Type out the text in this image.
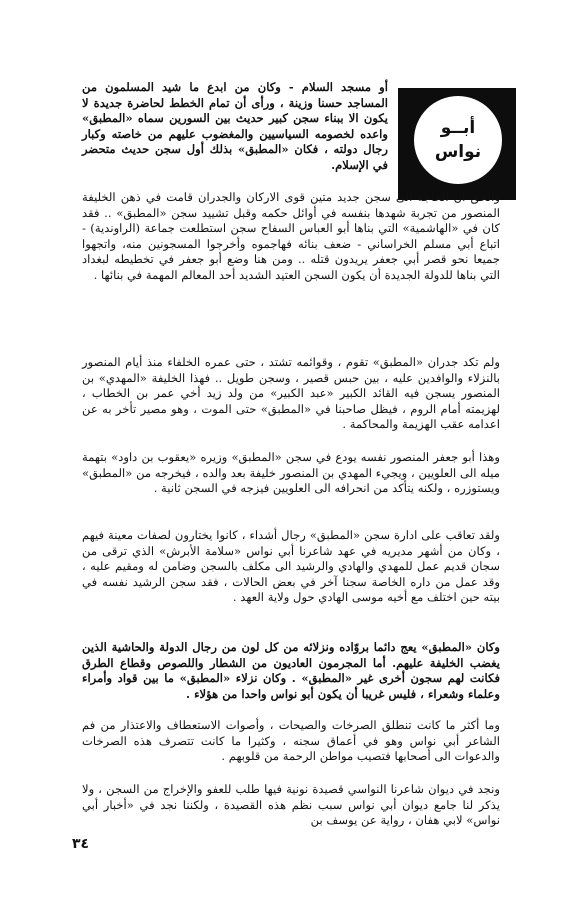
أبــو
نواس

أو مسجد السلام - وكان من ابدع ما شيد المسلمون من المساجد حسنا وزينة ، ورأى أن تمام الخطط لحاضرة جديدة لا يكون الا ببناء سجن كبير حديث بين السورين سماه «المطبق» واعده لخصومه السياسيين والمغضوب عليهم من خاصته وكبار رجال دولته ، فكان «المطبق» بذلك أول سجن حديث متحضر في الإسلام.

والحق أن الحاجة الى سجن جديد متين قوى الاركان والجدران قامت في ذهن الخليفة المنصور من تجربة شهدها بنفسه في أوائل حكمه وقبل تشييد سجن «المطبق» .. فقد كان في «الهاشمية» التي بناها أبو العباس السفاح سجن استطلعت جماعة (الراوندية) - اتباع أبي مسلم الخراساني - ضعف بنائه فهاجموه وأخرجوا المسجونين منه، واتجهوا جميعا نحو قصر أبي جعفر يريدون قتله .. ومن هنا وضع أبو جعفر في تخطيطه لبغداد التي بناها للدولة الجديدة أن يكون السجن العتيد الشديد أحد المعالم المهمة في بنائها .

ولم تكد جدران «المطبق» تقوم ، وقوائمه تشتد ، حتى عمره الخلفاء منذ أيام المنصور بالنزلاء والوافدين عليه ، بين حبس قصير ، وسجن طويل .. فهذا الخليفة «المهدي» بن المنصور يسجن فيه القائد الكبير «عبد الكبير» من ولد زيد أخي عمر بن الخطاب ، لهزيمته أمام الروم ، فيظل صاحبنا في «المطبق» حتى الموت ، وهو مصير تأخر به عن اعدامه عقب الهزيمة والمحاكمة .

وهذا أبو جعفر المنصور نفسه يودع في سجن «المطبق» وزيره «يعقوب بن داود» بتهمة ميله الى العلويين ، ويجيء المهدي بن المنصور خليفة بعد والده ، فيخرجه من «المطبق» ويستوزره ، ولكنه يتأكد من انحرافه الى العلويين فيزجه في السجن ثانية .

ولقد تعاقب على ادارة سجن «المطبق» رجال أشداء ، كانوا يختارون لصفات معينة فيهم ، وكان من أشهر مديريه في عهد شاعرنا أبي نواس «سلامة الأبرش» الذي ترقى من سجان قديم عمل للمهدي والهادي والرشيد الى مكلف بالسجن وضامن له ومقيم عليه ، وقد عمل من داره الخاصة سجنا آخر في بعض الحالات ، فقد سجن الرشيد نفسه في بيته حين اختلف مع أخيه موسى الهادي حول ولاية العهد .

وكان «المطبق» يعج دائما بروّاده ونزلائه من كل لون من رجال الدولة والحاشية الذين يغضب الخليفة عليهم. أما المجرمون العاديون من الشطار واللصوص وقطاع الطرق فكانت لهم سجون أخرى غير «المطبق» . وكان نزلاء «المطبق» ما بين قواد وأمراء وعلماء وشعراء ، فليس غريبا أن يكون أبو نواس واحدا من هؤلاء .

وما أكثر ما كانت تنطلق الصرخات والصيحات ، وأصوات الاستعطاف والاعتذار من فم الشاعر أبي نواس وهو في أعماق سجنه ، وكثيرا ما كانت تتصرف هذه الصرخات والدعوات الى أصحابها فتصيب مواطن الرحمة من قلوبهم .

ونجد في ديوان شاعرنا النواسي قصيدة نونية فيها طلب للعفو والإخراج من السجن ، ولا يذكر لنا جامع ديوان أبي نواس سبب نظم هذه القصيدة ، ولكننا نجد في «أخبار أبي نواس» لابي هفان ، رواية عن يوسف بن

٣٤
